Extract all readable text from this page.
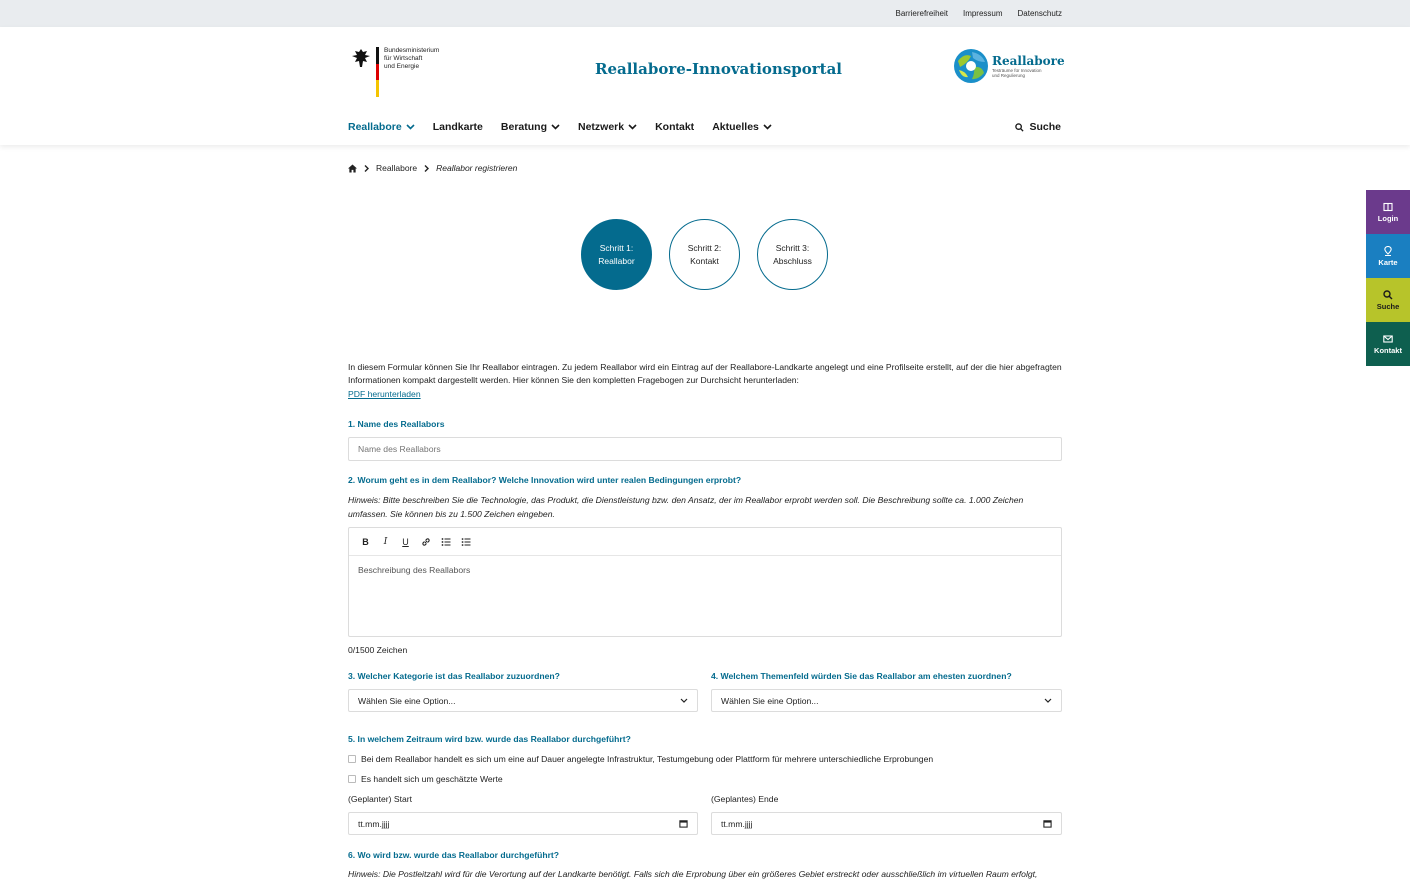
Barrierefreiheit Impressum Datenschutz
Bundesministerium
für Wirtschaft
und Energie	Reallabore-Innovationsportal	Reallabore
Testräume für Innovation
und Regulierung
Reallabore	Landkarte Beratung	Netzwerk	Kontakt Aktuelles	Suche
Reallabore Reallabor registrieren
Schritt 1:
Reallabor
Schritt 2:
Kontakt
Schritt 3:
Abschluss
Login
Karte
Suche
Kontakt
In diesem Formular können Sie Ihr Reallabor eintragen. Zu jedem Reallabor wird ein Eintrag auf der Reallabore-Landkarte angelegt und eine Profilseite erstellt, auf der die hier abgefragten Informationen kompakt dargestellt werden. Hier können Sie den kompletten Fragebogen zur Durchsicht herunterladen:
PDF herunterladen
1. Name des Reallabors
Name des Reallabors
2. Worum geht es in dem Reallabor? Welche Innovation wird unter realen Bedingungen erprobt?
Hinweis: Bitte beschreiben Sie die Technologie, das Produkt, die Dienstleistung bzw. den Ansatz, der im Reallabor erprobt werden soll. Die Beschreibung sollte ca. 1.000 Zeichen umfassen. Sie können bis zu 1.500 Zeichen eingeben.
B	I	U
Beschreibung des Reallabors
0/1500 Zeichen
3. Welcher Kategorie ist das Reallabor zuzuordnen?
Wählen Sie eine Option...
4. Welchem Themenfeld würden Sie das Reallabor am ehesten zuordnen?
Wählen Sie eine Option...
5. In welchem Zeitraum wird bzw. wurde das Reallabor durchgeführt?
Bei dem Reallabor handelt es sich um eine auf Dauer angelegte Infrastruktur, Testumgebung oder Plattform für mehrere unterschiedliche Erprobungen
Es handelt sich um geschätzte Werte
(Geplanter) Start
tt.mm.jjjj
(Geplantes) Ende
tt.mm.jjjj
6. Wo wird bzw. wurde das Reallabor durchgeführt?
Hinweis: Die Postleitzahl wird für die Verortung auf der Landkarte benötigt. Falls sich die Erprobung über ein größeres Gebiet erstreckt oder ausschließlich im virtuellen Raum erfolgt,
